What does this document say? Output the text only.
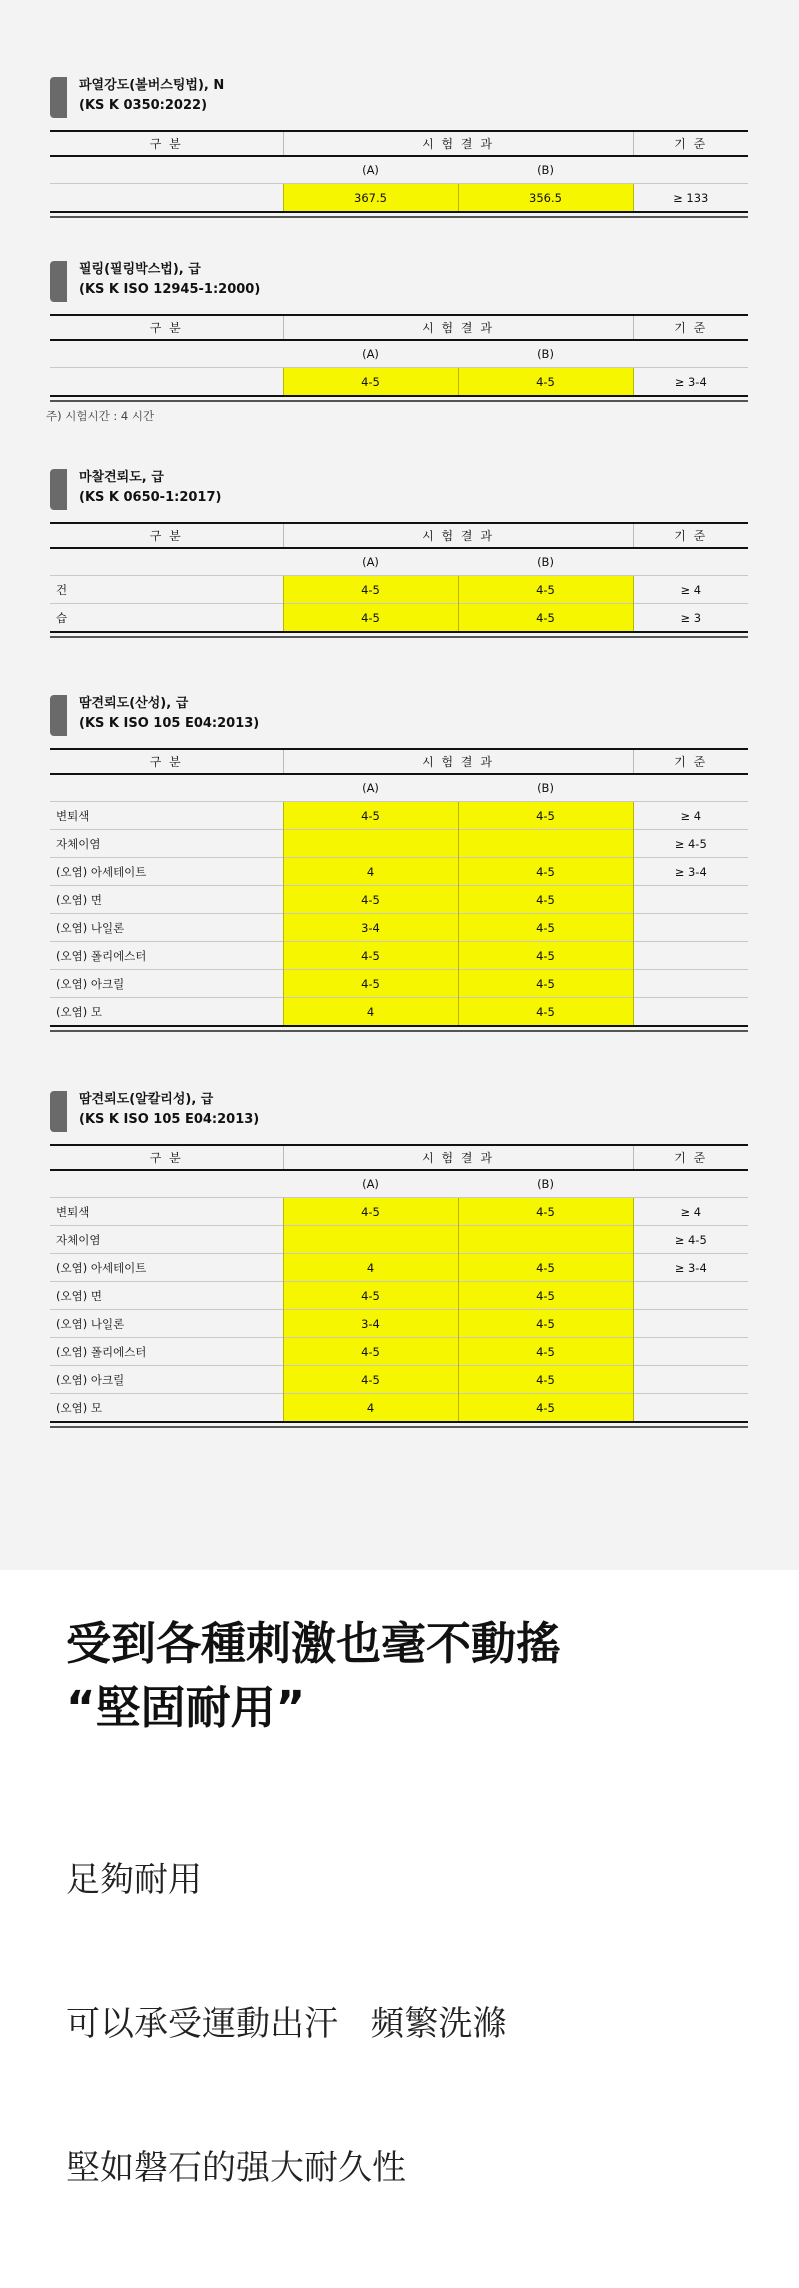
파열강도(볼버스팅법), N
(KS K 0350:2022)
구 분	시 험 결 과		기 준
	(A)	(B)	
	367.5	356.5	≥ 133
필링(필링박스법), 급
(KS K ISO 12945-1:2000)
구 분	시 험 결 과		기 준
	(A)	(B)	
	4-5	4-5	≥ 3-4
주) 시험시간 : 4 시간
마찰견뢰도, 급
(KS K 0650-1:2017)
구 분	시 험 결 과		기 준
	(A)	(B)	
건	4-5	4-5	≥ 4
습	4-5	4-5	≥ 3
땀견뢰도(산성), 급
(KS K ISO 105 E04:2013)
구 분	시 험 결 과		기 준
	(A)	(B)	
변퇴색	4-5	4-5	≥ 4
자체이염			≥ 4-5
(오염) 아세테이트	4	4-5	≥ 3-4
(오염) 면	4-5	4-5	
(오염) 나일론	3-4	4-5	
(오염) 폴리에스터	4-5	4-5	
(오염) 아크릴	4-5	4-5	
(오염) 모	4	4-5	
땀견뢰도(알칼리성), 급
(KS K ISO 105 E04:2013)
구 분	시 험 결 과		기 준
	(A)	(B)	
변퇴색	4-5	4-5	≥ 4
자체이염			≥ 4-5
(오염) 아세테이트	4	4-5	≥ 3-4
(오염) 면	4-5	4-5	
(오염) 나일론	3-4	4-5	
(오염) 폴리에스터	4-5	4-5	
(오염) 아크릴	4-5	4-5	
(오염) 모	4	4-5	
受到各種刺激也毫不動搖
“堅固耐用”

足夠耐用

可以承受運動出汗   頻繁洗滌

堅如磐石的强大耐久性
